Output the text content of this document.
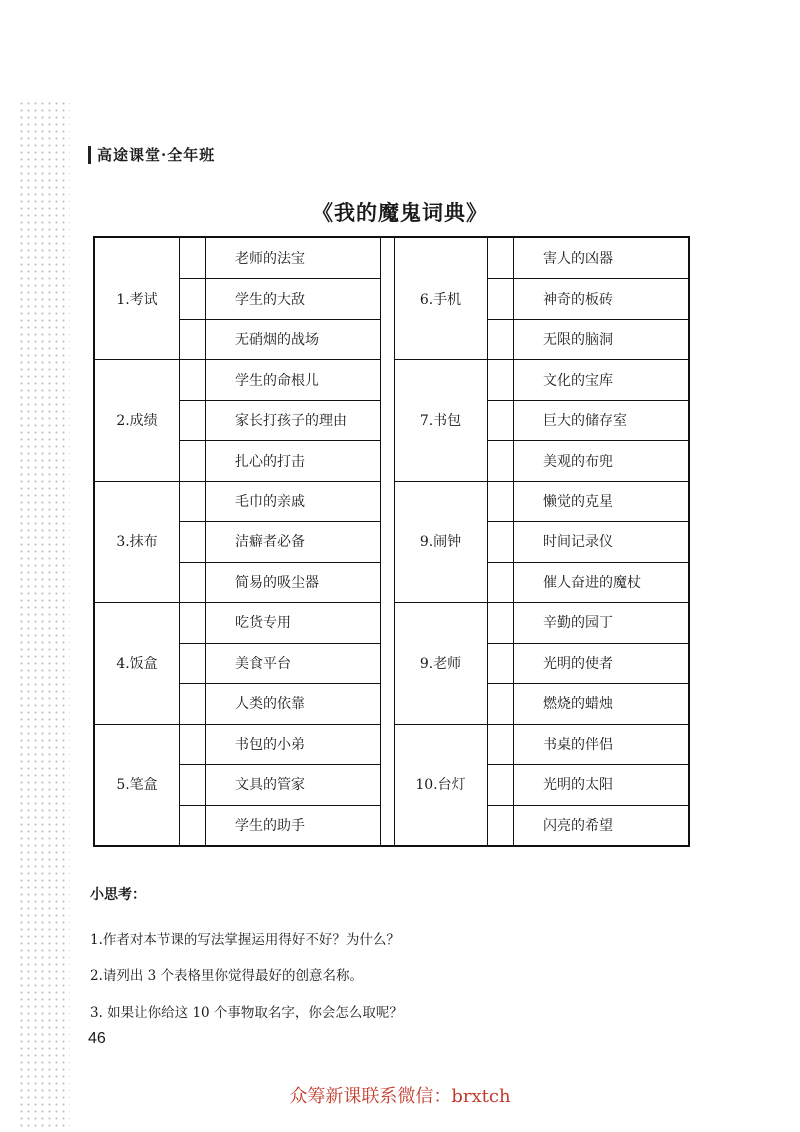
高途课堂·全年班
《我的魔鬼词典》
1.考试
老师的法宝
学生的大敌
无硝烟的战场
2.成绩
学生的命根儿
家长打孩子的理由
扎心的打击
3.抹布
毛巾的亲戚
洁癖者必备
简易的吸尘器
4.饭盒
吃货专用
美食平台
人类的依靠
5.笔盒
书包的小弟
文具的管家
学生的助手
6.手机
害人的凶器
神奇的板砖
无限的脑洞
7.书包
文化的宝库
巨大的储存室
美观的布兜
9.闹钟
懒觉的克星
时间记录仪
催人奋进的魔杖
9.老师
辛勤的园丁
光明的使者
燃烧的蜡烛
10.台灯
书桌的伴侣
光明的太阳
闪亮的希望
小思考：
1.作者对本节课的写法掌握运用得好不好？为什么？
2.请列出 3 个表格里你觉得最好的创意名称。
3. 如果让你给这 10 个事物取名字，你会怎么取呢？
46
众筹新课联系微信：brxtch
